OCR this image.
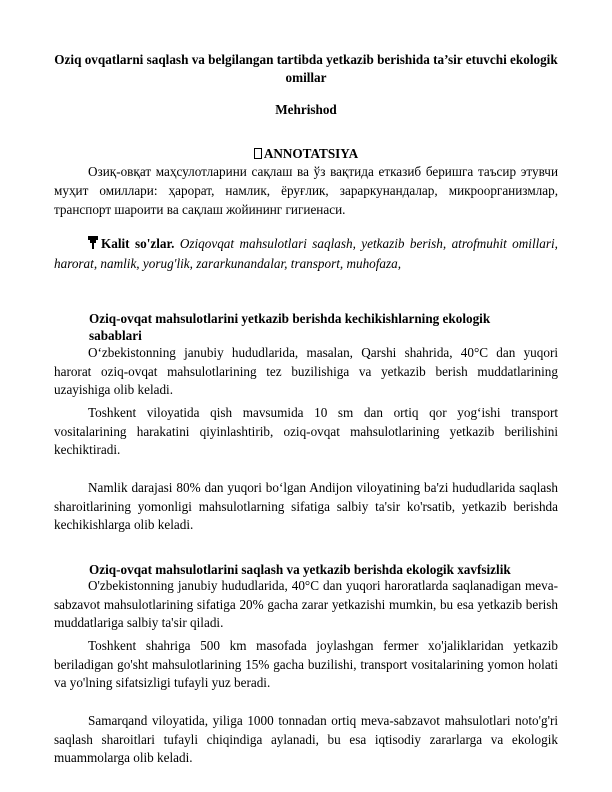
Oziq ovqatlarni saqlash va belgilangan tartibda yetkazib berishida ta’sir etuvchi ekologik omillar
Mehrishod
ANNOTATSIYA
Озиқ-овқат маҳсулотларини сақлаш ва ўз вақтида етказиб беришга таъсир этувчи муҳит омиллари: ҳарорат, намлик, ёруғлик, зараркунандалар, микроорганизмлар, транспорт шароити ва сақлаш жойининг гигиенаси.
Kalit so'zlar. Oziqovqat mahsulotlari saqlash, yetkazib berish, atrofmuhit omillari, harorat, namlik, yorug'lik, zararkunandalar, transport, muhofaza,
Oziq-ovqat mahsulotlarini yetkazib berishda kechikishlarning ekologik sabablari
Oʻzbekistonning janubiy hududlarida, masalan, Qarshi shahrida, 40°C dan yuqori harorat oziq-ovqat mahsulotlarining tez buzilishiga va yetkazib berish muddatlarining uzayishiga olib keladi.
Toshkent viloyatida qish mavsumida 10 sm dan ortiq qor yogʻishi transport vositalarining harakatini qiyinlashtirib, oziq-ovqat mahsulotlarining yetkazib berilishini kechiktiradi.
Namlik darajasi 80% dan yuqori boʻlgan Andijon viloyatining ba'zi hududlarida saqlash sharoitlarining yomonligi mahsulotlarning sifatiga salbiy ta'sir ko'rsatib, yetkazib berishda kechikishlarga olib keladi.
Oziq-ovqat mahsulotlarini saqlash va yetkazib berishda ekologik xavfsizlik
O'zbekistonning janubiy hududlarida, 40°C dan yuqori haroratlarda saqlanadigan meva-sabzavot mahsulotlarining sifatiga 20% gacha zarar yetkazishi mumkin, bu esa yetkazib berish muddatlariga salbiy ta'sir qiladi.
Toshkent shahriga 500 km masofada joylashgan fermer xo'jaliklaridan yetkazib beriladigan go'sht mahsulotlarining 15% gacha buzilishi, transport vositalarining yomon holati va yo'lning sifatsizligi tufayli yuz beradi.
Samarqand viloyatida, yiliga 1000 tonnadan ortiq meva-sabzavot mahsulotlari noto'g'ri saqlash sharoitlari tufayli chiqindiga aylanadi, bu esa iqtisodiy zararlarga va ekologik muammolarga olib keladi.
